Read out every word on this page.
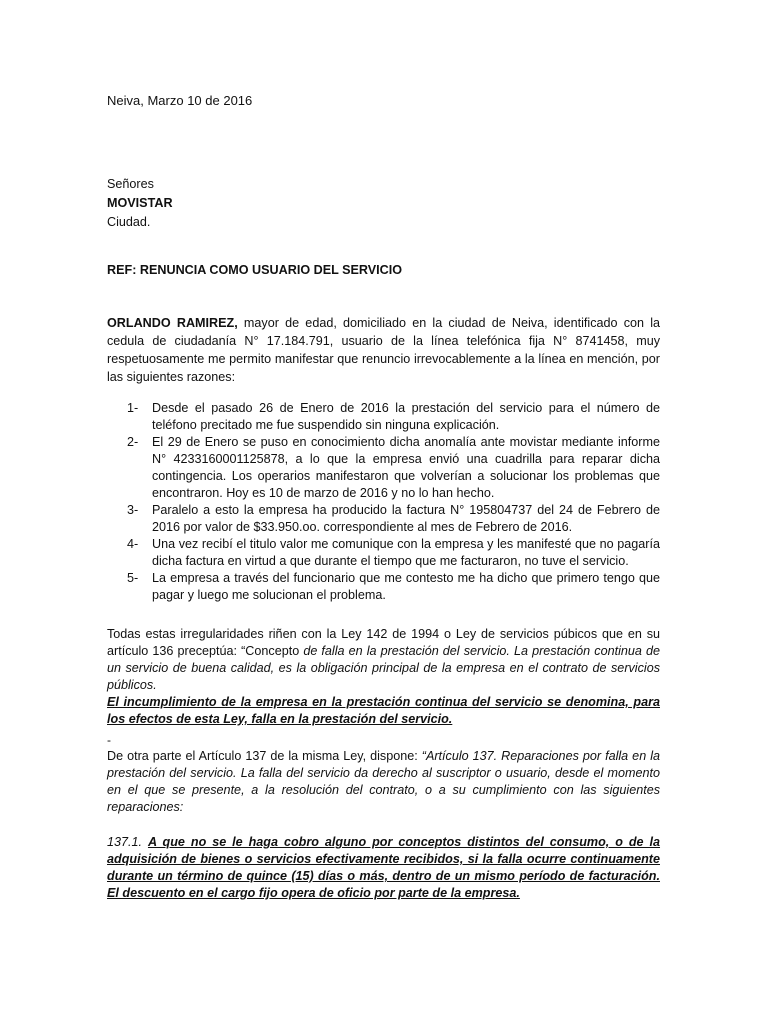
Neiva, Marzo 10 de 2016
Señores
MOVISTAR
Ciudad.
REF: RENUNCIA COMO USUARIO DEL SERVICIO
ORLANDO RAMIREZ, mayor de edad, domiciliado en la ciudad de Neiva, identificado con la cedula de ciudadanía N° 17.184.791, usuario de la línea telefónica fija N° 8741458, muy respetuosamente me permito manifestar que renuncio irrevocablemente a la línea en mención, por las siguientes razones:
1- Desde el pasado 26 de Enero de 2016 la prestación del servicio para el número de teléfono precitado me fue suspendido sin ninguna explicación.
2- El 29 de Enero se puso en conocimiento dicha anomalía ante movistar mediante informe N° 4233160001125878, a lo que la empresa envió una cuadrilla para reparar dicha contingencia. Los operarios manifestaron que volverían a solucionar los problemas que encontraron. Hoy es 10 de marzo de 2016 y no lo han hecho.
3- Paralelo a esto la empresa ha producido la factura N° 195804737 del 24 de Febrero de 2016 por valor de $33.950.oo. correspondiente al mes de Febrero de 2016.
4- Una vez recibí el titulo valor me comunique con la empresa y les manifesté que no pagaría dicha factura en virtud a que durante el tiempo que me facturaron, no tuve el servicio.
5- La empresa a través del funcionario que me contesto me ha dicho que primero tengo que pagar y luego me solucionan el problema.
Todas estas irregularidades riñen con la Ley 142 de 1994 o Ley de servicios púbicos que en su artículo 136 preceptúa: “Concepto de falla en la prestación del servicio. La prestación continua de un servicio de buena calidad, es la obligación principal de la empresa en el contrato de servicios públicos.
El incumplimiento de la empresa en la prestación continua del servicio se denomina, para los efectos de esta Ley, falla en la prestación del servicio.
-
De otra parte el Artículo 137 de la misma Ley, dispone: “Artículo 137. Reparaciones por falla en la prestación del servicio. La falla del servicio da derecho al suscriptor o usuario, desde el momento en el que se presente, a la resolución del contrato, o a su cumplimiento con las siguientes reparaciones:
137.1. A que no se le haga cobro alguno por conceptos distintos del consumo, o de la adquisición de bienes o servicios efectivamente recibidos, si la falla ocurre continuamente durante un término de quince (15) días o más, dentro de un mismo período de facturación. El descuento en el cargo fijo opera de oficio por parte de la empresa.
